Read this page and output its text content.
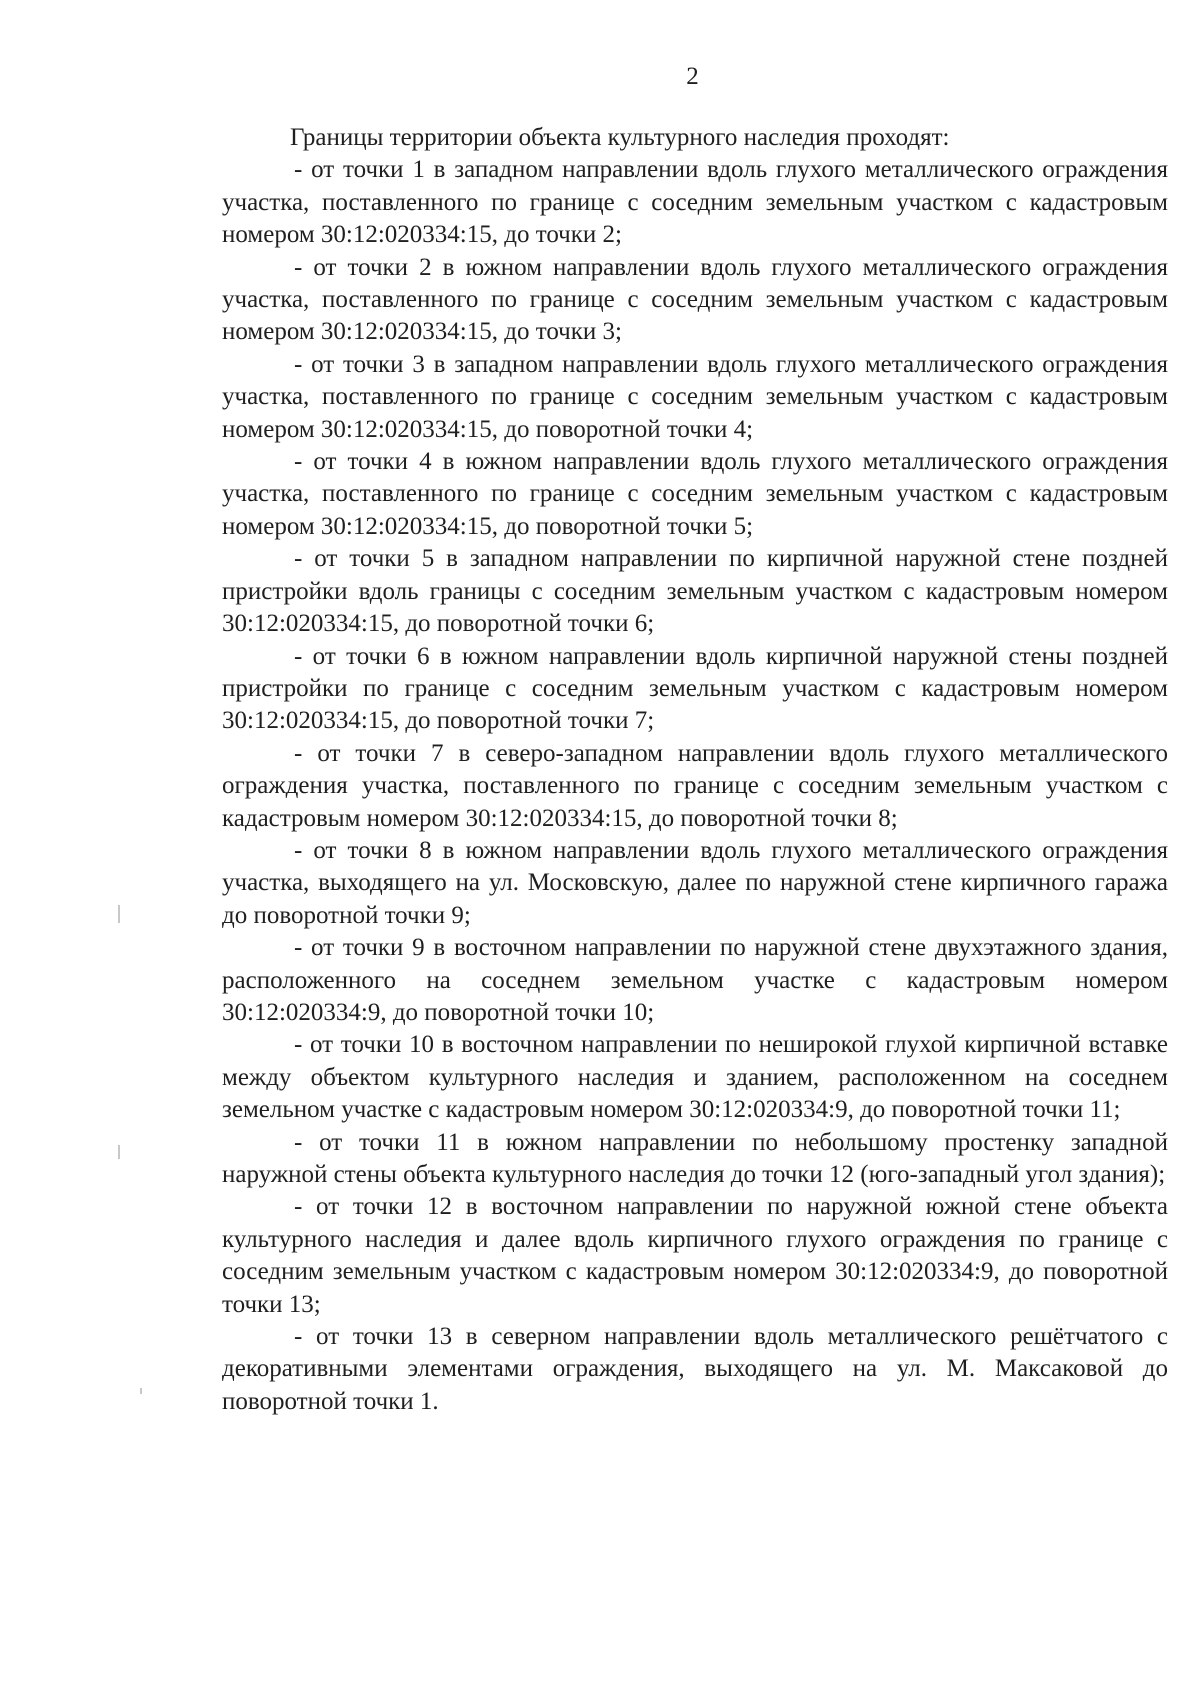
2

Границы территории объекта культурного наследия проходят:

- от точки 1 в западном направлении вдоль глухого металлического ограждения участка, поставленного по границе с соседним земельным участком с кадастровым номером 30:12:020334:15, до точки 2;

- от точки 2 в южном направлении вдоль глухого металлического ограждения участка, поставленного по границе с соседним земельным участком с кадастровым номером 30:12:020334:15, до точки 3;

- от точки 3 в западном направлении вдоль глухого металлического ограждения участка, поставленного по границе с соседним земельным участком с кадастровым номером 30:12:020334:15, до поворотной точки 4;

- от точки 4 в южном направлении вдоль глухого металлического ограждения участка, поставленного по границе с соседним земельным участком с кадастровым номером 30:12:020334:15, до поворотной точки 5;

- от точки 5 в западном направлении по кирпичной наружной стене поздней пристройки вдоль границы с соседним земельным участком с кадастровым номером 30:12:020334:15, до поворотной точки 6;

- от точки 6 в южном направлении вдоль кирпичной наружной стены поздней пристройки по границе с соседним земельным участком с кадастровым номером 30:12:020334:15, до поворотной точки 7;

- от точки 7 в северо-западном направлении вдоль глухого металлического ограждения участка, поставленного по границе с соседним земельным участком с кадастровым номером 30:12:020334:15, до поворотной точки 8;

- от точки 8 в южном направлении вдоль глухого металлического ограждения участка, выходящего на ул. Московскую, далее по наружной стене кирпичного гаража до поворотной точки 9;

- от точки 9 в восточном направлении по наружной стене двухэтажного здания, расположенного на соседнем земельном участке с кадастровым номером 30:12:020334:9, до поворотной точки 10;

- от точки 10 в восточном направлении по неширокой глухой кирпичной вставке между объектом культурного наследия и зданием, расположенном на соседнем земельном участке с кадастровым номером 30:12:020334:9, до поворотной точки 11;

- от точки 11 в южном направлении по небольшому простенку западной наружной стены объекта культурного наследия до точки 12 (юго-западный угол здания);

- от точки 12 в восточном направлении по наружной южной стене объекта культурного наследия и далее вдоль кирпичного глухого ограждения по границе с соседним земельным участком с кадастровым номером 30:12:020334:9, до поворотной точки 13;

- от точки 13 в северном направлении вдоль металлического решётчатого с декоративными элементами ограждения, выходящего на ул. М. Максаковой до поворотной точки 1.
